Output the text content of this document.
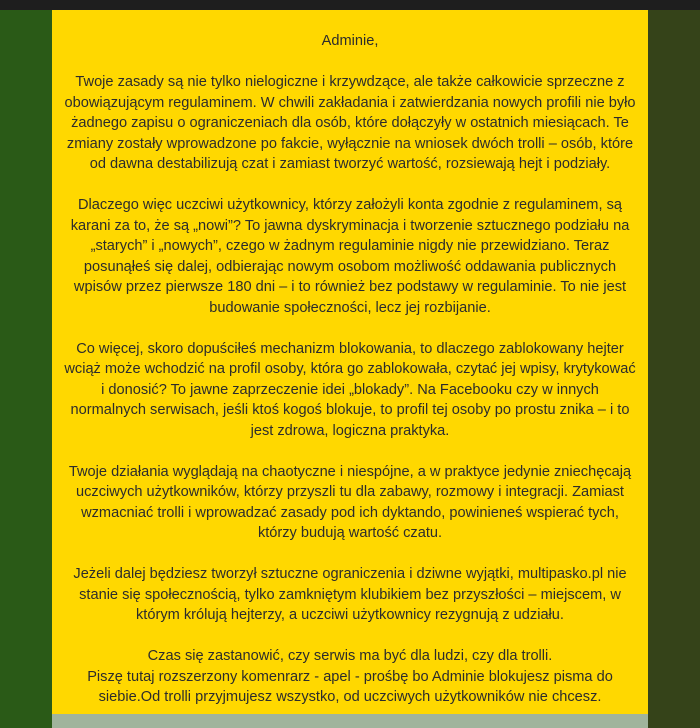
Adminie,

Twoje zasady są nie tylko nielogiczne i krzywdzące, ale także całkowicie sprzeczne z obowiązującym regulaminem. W chwili zakładania i zatwierdzania nowych profili nie było żadnego zapisu o ograniczeniach dla osób, które dołączyły w ostatnich miesiącach. Te zmiany zostały wprowadzone po fakcie, wyłącznie na wniosek dwóch trolli – osób, które od dawna destabilizują czat i zamiast tworzyć wartość, rozsiewają hejt i podziały.

Dlaczego więc uczciwi użytkownicy, którzy założyli konta zgodnie z regulaminem, są karani za to, że są „nowi”? To jawna dyskryminacja i tworzenie sztucznego podziału na „starych” i „nowych”, czego w żadnym regulaminie nigdy nie przewidziano. Teraz posunąłeś się dalej, odbierając nowym osobom możliwość oddawania publicznych wpisów przez pierwsze 180 dni – i to również bez podstawy w regulaminie. To nie jest budowanie społeczności, lecz jej rozbijanie.

Co więcej, skoro dopuściłeś mechanizm blokowania, to dlaczego zablokowany hejter wciąż może wchodzić na profil osoby, która go zablokowała, czytać jej wpisy, krytykować i donosić? To jawne zaprzeczenie idei „blokady”. Na Facebooku czy w innych normalnych serwisach, jeśli ktoś kogoś blokuje, to profil tej osoby po prostu znika – i to jest zdrowa, logiczna praktyka.

Twoje działania wyglądają na chaotyczne i niespójne, a w praktyce jedynie zniechęcają uczciwych użytkowników, którzy przyszli tu dla zabawy, rozmowy i integracji. Zamiast wzmacniać trolli i wprowadzać zasady pod ich dyktando, powinieneś wspierać tych, którzy budują wartość czatu.

Jeżeli dalej będziesz tworzył sztuczne ograniczenia i dziwne wyjątki, multipasko.pl nie stanie się społecznością, tylko zamkniętym klubikiem bez przyszłości – miejscem, w którym królują hejterzy, a uczciwi użytkownicy rezygnują z udziału.

Czas się zastanowić, czy serwis ma być dla ludzi, czy dla trolli.

Piszę tutaj rozszerzony komenrarz - apel - prośbę bo Adminie blokujesz pisma do siebie.Od trolli przyjmujesz wszystko, od uczciwych użytkowników nie chcesz.
